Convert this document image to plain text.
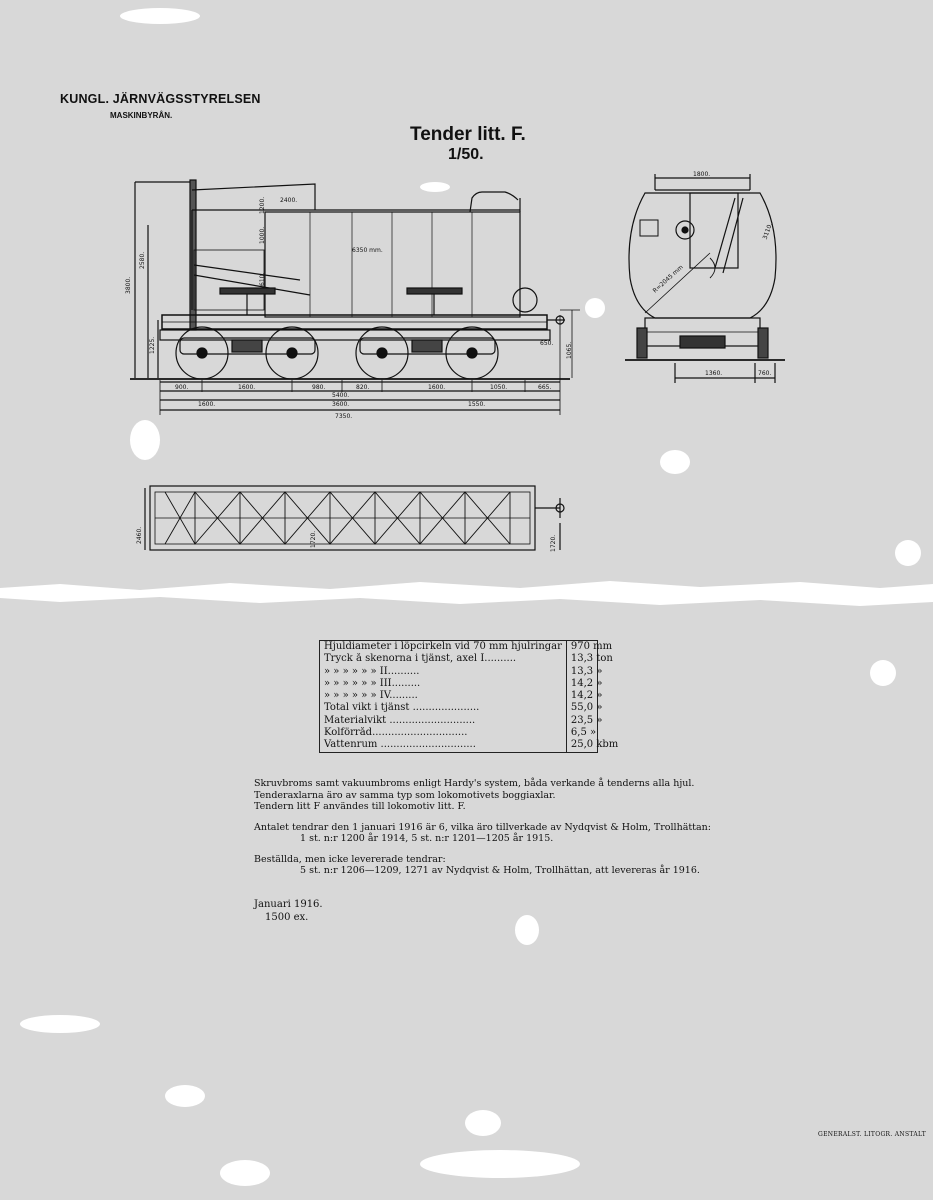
KUNGL. JÄRNVÄGSSTYRELSEN
MASKINBYRÅN.
Tender litt. F.
1/50.
3800.
2580.
1225.
2400.
1000.
1200.
610.
6350 mm.
650. 1065.
900.	1600.	980.	820.	1600.	1050.	665.
5400.
1600.	3600.	1550.
7350.
1800.
3110.
R=2045 mm
1360.	760.
2460.	1720.	1720.
Hjuldiameter i löpcirkeln vid 70 mm hjulringar	970 mm
Tryck å skenorna i tjänst, axel I..........	13,3 ton
» » » » » » II..........	13,3 »
» » » » » » III.........	14,2 »
» » » » » » IV.........	14,2 »
Total vikt i tjänst .....................	55,0 »
Materialvikt ...........................	23,5 »
Kolförråd..............................	6,5 »
Vattenrum ..............................	25,0 kbm

Skruvbroms samt vakuumbroms enligt Hardy's system, båda verkande å tenderns alla hjul.

Tenderaxlarna äro av samma typ som lokomotivets boggiaxlar.

Tendern litt F användes till lokomotiv litt. F.

Antalet tendrar den 1 januari 1916 är 6, vilka äro tillverkade av Nydqvist & Holm, Trollhättan:

1 st. n:r 1200 år 1914, 5 st. n:r 1201—1205 år 1915.

Beställda, men icke levererade tendrar:

5 st. n:r 1206—1209, 1271 av Nydqvist & Holm, Trollhättan, att levereras år 1916.

Januari 1916.
1500 ex.
GENERALST. LITOGR. ANSTALT
